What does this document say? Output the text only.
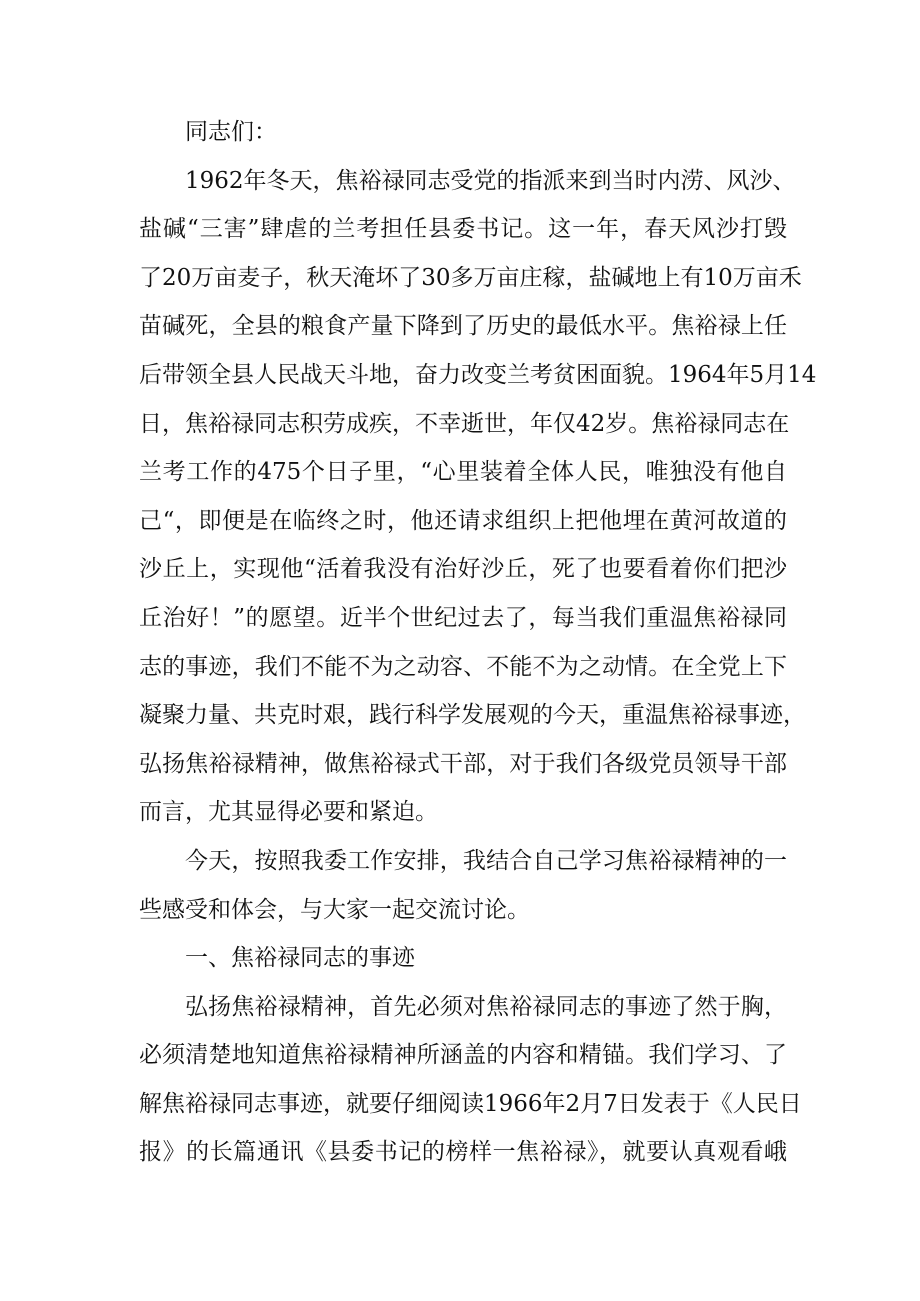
同志们：
1962年冬天，焦裕禄同志受党的指派来到当时内涝、风沙、
盐碱“三害”肆虐的兰考担任县委书记。这一年，春天风沙打毁
了20万亩麦子，秋天淹坏了30多万亩庄稼，盐碱地上有10万亩禾
苗碱死，全县的粮食产量下降到了历史的最低水平。焦裕禄上任
后带领全县人民战天斗地，奋力改变兰考贫困面貌。1964年5月14
日，焦裕禄同志积劳成疾，不幸逝世，年仅42岁。焦裕禄同志在
兰考工作的475个日子里，“心里装着全体人民，唯独没有他自
己“，即便是在临终之时，他还请求组织上把他埋在黄河故道的
沙丘上，实现他“活着我没有治好沙丘，死了也要看着你们把沙
丘治好！”的愿望。近半个世纪过去了，每当我们重温焦裕禄同
志的事迹，我们不能不为之动容、不能不为之动情。在全党上下
凝聚力量、共克时艰，践行科学发展观的今天，重温焦裕禄事迹，
弘扬焦裕禄精神，做焦裕禄式干部，对于我们各级党员领导干部
而言，尤其显得必要和紧迫。
今天，按照我委工作安排，我结合自己学习焦裕禄精神的一
些感受和体会，与大家一起交流讨论。
一、焦裕禄同志的事迹
弘扬焦裕禄精神，首先必须对焦裕禄同志的事迹了然于胸，
必须清楚地知道焦裕禄精神所涵盖的内容和精锚。我们学习、了
解焦裕禄同志事迹，就要仔细阅读1966年2月7日发表于《人民日
报》的长篇通讯《县委书记的榜样一焦裕禄》，就要认真观看峨
